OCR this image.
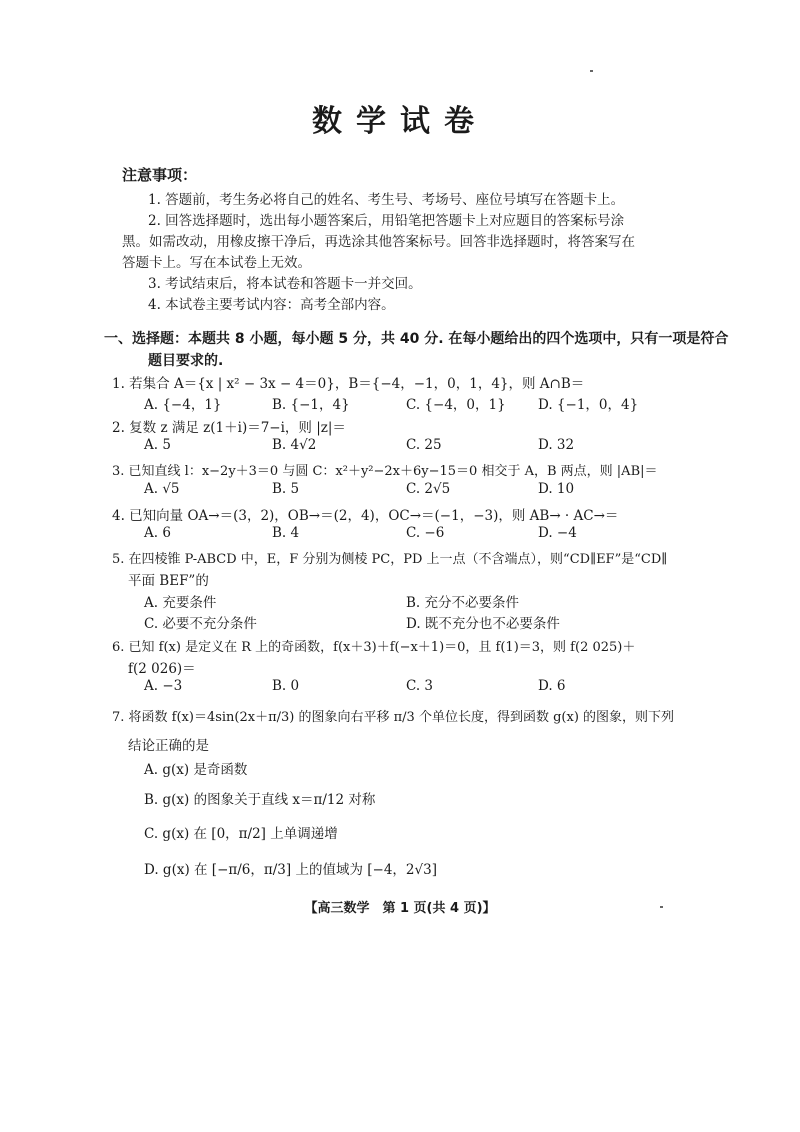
数学试卷
注意事项：
1. 答题前，考生务必将自己的姓名、考生号、考场号、座位号填写在答题卡上。
2. 回答选择题时，选出每小题答案后，用铅笔把答题卡上对应题目的答案标号涂
黑。如需改动，用橡皮擦干净后，再选涂其他答案标号。回答非选择题时，将答案写在
答题卡上。写在本试卷上无效。
3. 考试结束后，将本试卷和答题卡一并交回。
4. 本试卷主要考试内容：高考全部内容。
一、选择题：本题共 8 小题，每小题 5 分，共 40 分. 在每小题给出的四个选项中，只有一项是符合
题目要求的.
1. 若集合 A＝{x | x² − 3x − 4＝0}，B＝{−4，−1，0，1，4}，则 A∩B＝
A. {−4，1}	B. {−1，4}	C. {−4，0，1} D. {−1，0，4}
2. 复数 z 满足 z(1＋i)＝7−i，则 |z|＝
A. 5	B. 4√2	C. 25	D. 32
3. 已知直线 l：x−2y＋3＝0 与圆 C：x²＋y²−2x＋6y−15＝0 相交于 A，B 两点，则 |AB|＝
A. √5	B. 5	C. 2√5	D. 10
4. 已知向量 OA→＝(3，2)，OB→＝(2，4)，OC→＝(−1，−3)，则 AB→ · AC→＝
A. 6	B. 4	C. −6	D. −4
5. 在四棱锥 P-ABCD 中，E，F 分别为侧棱 PC，PD 上一点（不含端点），则“CD∥EF”是“CD∥
平面 BEF”的
A. 充要条件	B. 充分不必要条件
C. 必要不充分条件	D. 既不充分也不必要条件
6. 已知 f(x) 是定义在 R 上的奇函数，f(x＋3)＋f(−x＋1)＝0，且 f(1)＝3，则 f(2 025)＋
f(2 026)＝
A. −3	B. 0	C. 3	D. 6
7. 将函数 f(x)＝4sin(2x＋π/3) 的图象向右平移 π/3 个单位长度，得到函数 g(x) 的图象，则下列
结论正确的是
A. g(x) 是奇函数
B. g(x) 的图象关于直线 x＝π/12 对称
C. g(x) 在 [0，π/2] 上单调递增
D. g(x) 在 [−π/6，π/3] 上的值域为 [−4，2√3]
【高三数学　第 1 页(共 4 页)】
